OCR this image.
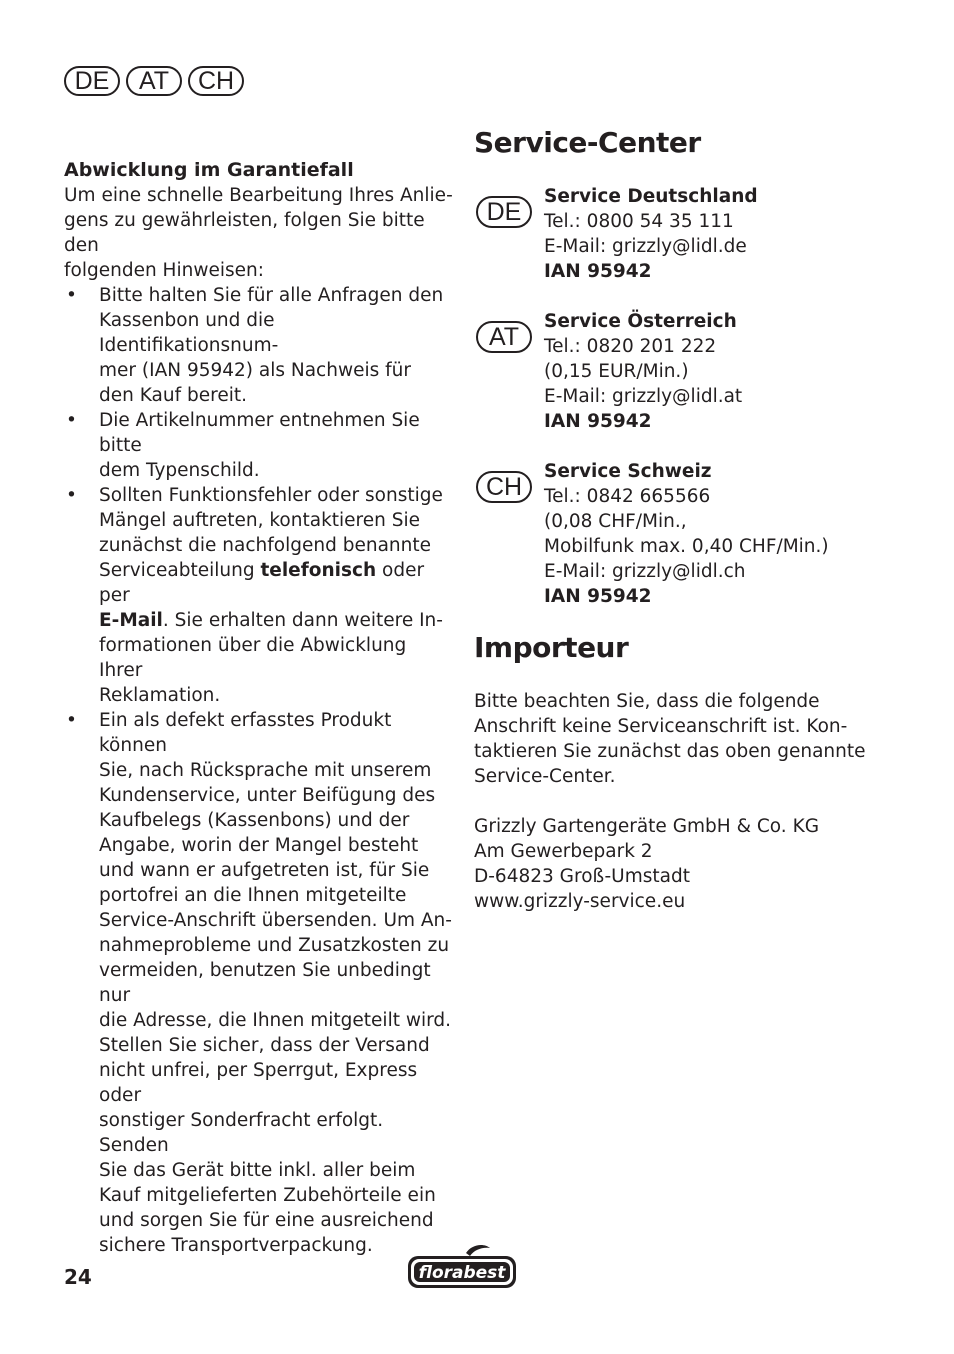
DE	AT	CH
Abwicklung im Garantiefall

Um eine schnelle Bearbeitung Ihres Anlie-
gens zu gewährleisten, folgen Sie bitte den
folgenden Hinweisen:

• Bitte halten Sie für alle Anfragen den
Kassenbon und die Identifikationsnum-
mer (IAN 95942) als Nachweis für
den Kauf bereit.
• Die Artikelnummer entnehmen Sie bitte
dem Typenschild.
• Sollten Funktionsfehler oder sonstige
Mängel auftreten, kontaktieren Sie
zunächst die nachfolgend benannte
Serviceabteilung telefonisch oder per
E-Mail. Sie erhalten dann weitere In-
formationen über die Abwicklung Ihrer
Reklamation.
• Ein als defekt erfasstes Produkt können
Sie, nach Rücksprache mit unserem
Kundenservice, unter Beifügung des
Kaufbelegs (Kassenbons) und der
Angabe, worin der Mangel besteht
und wann er aufgetreten ist, für Sie
portofrei an die Ihnen mitgeteilte
Service-Anschrift übersenden. Um An-
nahmeprobleme und Zusatzkosten zu
vermeiden, benutzen Sie unbedingt nur
die Adresse, die Ihnen mitgeteilt wird.
Stellen Sie sicher, dass der Versand
nicht unfrei, per Sperrgut, Express oder
sonstiger Sonderfracht erfolgt. Senden
Sie das Gerät bitte inkl. aller beim
Kauf mitgelieferten Zubehörteile ein
und sorgen Sie für eine ausreichend
sichere Transportverpackung.
Service-Center
DE
Service Deutschland
Tel.: 0800 54 35 111
E-Mail: grizzly@lidl.de
IAN 95942
AT
Service Österreich
Tel.: 0820 201 222
(0,15 EUR/Min.)
E-Mail: grizzly@lidl.at
IAN 95942
CH
Service Schweiz
Tel.: 0842 665566
(0,08 CHF/Min.,
Mobilfunk max. 0,40 CHF/Min.)
E-Mail: grizzly@lidl.ch
IAN 95942
Importeur

Bitte beachten Sie, dass die folgende
Anschrift keine Serviceanschrift ist. Kon-
taktieren Sie zunächst das oben genannte
Service-Center.

Grizzly Gartengeräte GmbH & Co. KG
Am Gewerbepark 2
D-64823 Groß-Umstadt
www.grizzly-service.eu

24	florabest
